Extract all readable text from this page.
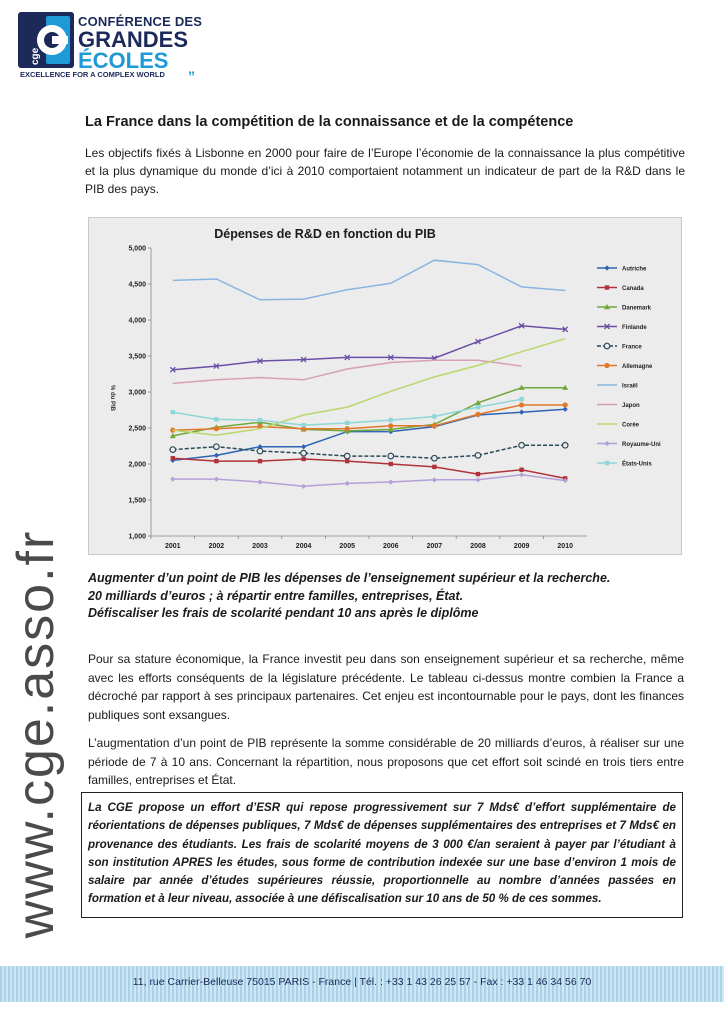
cge
CONFÉRENCE DES
GRANDES
ÉCOLES
EXCELLENCE FOR A COMPLEX WORLD ”
www.cge.asso.fr
La France dans la compétition de la connaissance et de la compétence

Les objectifs fixés à Lisbonne en 2000 pour faire de l’Europe l’économie de la connaissance la plus compétitive et la plus dynamique du monde d’ici à 2010 comportaient notamment un indicateur de part de la R&D dans le PIB des pays.

Dépenses de R&D en fonction du PIB
% du PIB
1,000
1,500
2,000
2,500
3,000
3,500
4,000
4,500
5,000
2001	2002	2003	2004	2005	2006	2007	2008	2009	2010
Autriche
Canada
Danemark
Finlande
France
Allemagne
Israël
Japon
Corée
Royaume-Uni
États-Unis
Augmenter d’un point de PIB les dépenses de l’enseignement supérieur et la recherche.
20 milliards d’euros ; à répartir entre familles, entreprises, État.
Défiscaliser les frais de scolarité pendant 10 ans après le diplôme

Pour sa stature économique, la France investit peu dans son enseignement supérieur et sa recherche, même avec les efforts conséquents de la législature précédente. Le tableau ci-dessus montre combien la France a décroché par rapport à ses principaux partenaires. Cet enjeu est incontournable pour le pays, dont les finances publiques sont exsangues.

L’augmentation d’un point de PIB représente la somme considérable de 20 milliards d’euros, à réaliser sur une période de 7 à 10 ans. Concernant la répartition, nous proposons que cet effort soit scindé en trois tiers entre familles, entreprises et État.

La CGE propose un effort d’ESR qui repose progressivement sur 7 Mds€ d’effort supplémentaire de réorientations de dépenses publiques, 7 Mds€ de dépenses supplémentaires des entreprises et 7 Mds€ en provenance des étudiants. Les frais de scolarité moyens de 3 000 €/an seraient à payer par l’étudiant à son institution APRES les études, sous forme de contribution indexée sur une base d’environ 1 mois de salaire par année d’études supérieures réussie, proportionnelle au nombre d’années passées en formation et à leur niveau, associée à une défiscalisation sur 10 ans de 50 % de ces sommes.

11, rue Carrier-Belleuse 75015 PARIS - France | Tél. : +33 1 43 26 25 57 - Fax : +33 1 46 34 56 70
